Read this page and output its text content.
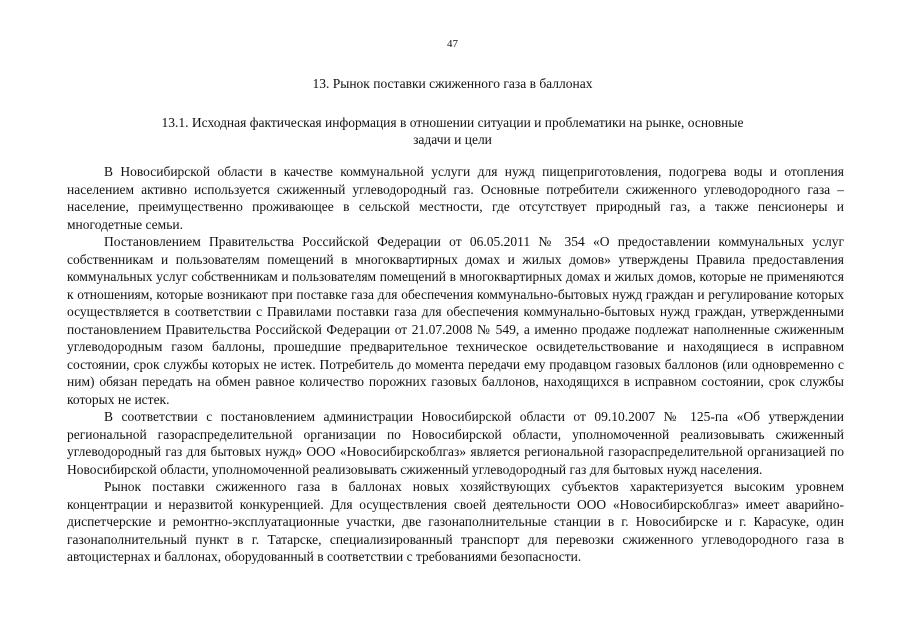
47
13. Рынок поставки сжиженного газа в баллонах
13.1. Исходная фактическая информация в отношении ситуации и проблематики на рынке, основные задачи и цели

В Новосибирской области в качестве коммунальной услуги для нужд пищеприготовления, подогрева воды и отопления населением активно используется сжиженный углеводородный газ. Основные потребители сжиженного углеводородного газа – население, преимущественно проживающее в сельской местности, где отсутствует природный газ, а также пенсионеры и многодетные семьи.

Постановлением Правительства Российской Федерации от 06.05.2011 № 354 «О предоставлении коммунальных услуг собственникам и пользователям помещений в многоквартирных домах и жилых домов» утверждены Правила предоставления коммунальных услуг собственникам и пользователям помещений в многоквартирных домах и жилых домов, которые не применяются к отношениям, которые возникают при поставке газа для обеспечения коммунально-бытовых нужд граждан и регулирование которых осуществляется в соответствии с Правилами поставки газа для обеспечения коммунально-бытовых нужд граждан, утвержденными постановлением Правительства Российской Федерации от 21.07.2008 № 549, а именно продаже подлежат наполненные сжиженным углеводородным газом баллоны, прошедшие предварительное техническое освидетельствование и находящиеся в исправном состоянии, срок службы которых не истек. Потребитель до момента передачи ему продавцом газовых баллонов (или одновременно с ним) обязан передать на обмен равное количество порожних газовых баллонов, находящихся в исправном состоянии, срок службы которых не истек.

В соответствии с постановлением администрации Новосибирской области от 09.10.2007 № 125-па «Об утверждении региональной газораспределительной организации по Новосибирской области, уполномоченной реализовывать сжиженный углеводородный газ для бытовых нужд» ООО «Новосибирскоблгаз» является региональной газораспределительной организацией по Новосибирской области, уполномоченной реализовывать сжиженный углеводородный газ для бытовых нужд населения.

Рынок поставки сжиженного газа в баллонах новых хозяйствующих субъектов характеризуется высоким уровнем концентрации и неразвитой конкуренцией. Для осуществления своей деятельности ООО «Новосибирскоблгаз» имеет аварийно-диспетчерские и ремонтно-эксплуатационные участки, две газонаполнительные станции в г. Новосибирске и г. Карасуке, один газонаполнительный пункт в г. Татарске, специализированный транспорт для перевозки сжиженного углеводородного газа в автоцистернах и баллонах, оборудованный в соответствии с требованиями безопасности.
